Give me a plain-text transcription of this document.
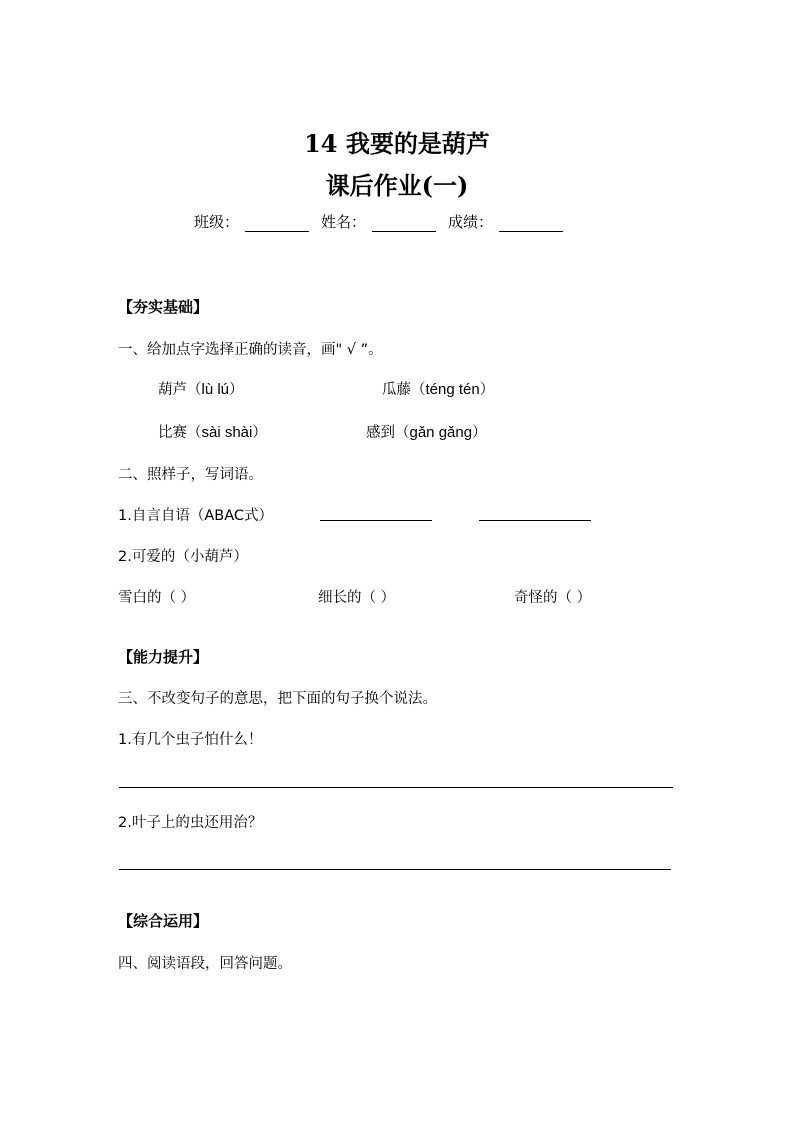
14 我要的是葫芦
课后作业(一)
班级：	姓名：	成绩：
【夯实基础】
一、给加点字选择正确的读音，画" √ ”。
葫芦（lù lú）	瓜藤（téng tén）
比赛（sài shài）	感到（gǎn gǎng）
二、照样子，写词语。
1.自言自语（ABAC式）
2.可爱的（小葫芦）
雪白的（ ）	细长的（ ）	奇怪的（ ）
【能力提升】
三、不改变句子的意思，把下面的句子换个说法。
1.有几个虫子怕什么！
2.叶子上的虫还用治？
【综合运用】
四、阅读语段，回答问题。
